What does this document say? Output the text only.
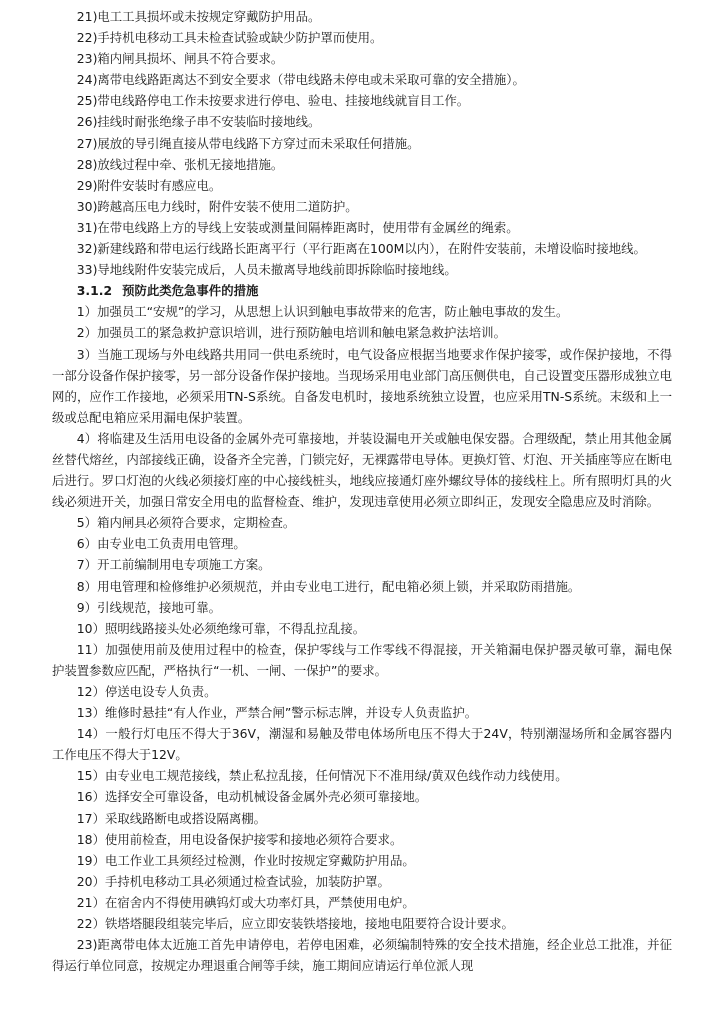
21)电工工具损坏或未按规定穿戴防护用品。

22)手持机电移动工具未检查试验或缺少防护罩而使用。

23)箱内闸具损坏、闸具不符合要求。

24)离带电线路距离达不到安全要求（带电线路未停电或未采取可靠的安全措施）。

25)带电线路停电工作未按要求进行停电、验电、挂接地线就盲目工作。

26)挂线时耐张绝缘子串不安装临时接地线。

27)展放的导引绳直接从带电线路下方穿过而未采取任何措施。

28)放线过程中牵、张机无接地措施。

29)附件安装时有感应电。

30)跨越高压电力线时，附件安装不使用二道防护。

31)在带电线路上方的导线上安装或测量间隔棒距离时，使用带有金属丝的绳索。

32)新建线路和带电运行线路长距离平行（平行距离在100M以内），在附件安装前，未增设临时接地线。

33)导地线附件安装完成后，人员未撤离导地线前即拆除临时接地线。

3.1.2 预防此类危急事件的措施

1）加强员工“安规”的学习，从思想上认识到触电事故带来的危害，防止触电事故的发生。

2）加强员工的紧急救护意识培训，进行预防触电培训和触电紧急救护法培训。

3）当施工现场与外电线路共用同一供电系统时，电气设备应根据当地要求作保护接零，或作保护接地，不得一部分设备作保护接零，另一部分设备作保护接地。当现场采用电业部门高压侧供电，自己设置变压器形成独立电网的，应作工作接地，必须采用TN-S系统。自备发电机时，接地系统独立设置，也应采用TN-S系统。末级和上一级或总配电箱应采用漏电保护装置。

4）将临建及生活用电设备的金属外壳可靠接地，并装设漏电开关或触电保安器。合理级配，禁止用其他金属丝替代熔丝，内部接线正确，设备齐全完善，门锁完好，无裸露带电导体。更换灯管、灯泡、开关插座等应在断电后进行。罗口灯泡的火线必须接灯座的中心接线桩头，地线应接通灯座外螺纹导体的接线柱上。所有照明灯具的火线必须进开关，加强日常安全用电的监督检查、维护，发现违章使用必须立即纠正，发现安全隐患应及时消除。

5）箱内闸具必须符合要求，定期检查。

6）由专业电工负责用电管理。

7）开工前编制用电专项施工方案。

8）用电管理和检修维护必须规范，并由专业电工进行，配电箱必须上锁，并采取防雨措施。

9）引线规范，接地可靠。

10）照明线路接头处必须绝缘可靠，不得乱拉乱接。

11）加强使用前及使用过程中的检查，保护零线与工作零线不得混接，开关箱漏电保护器灵敏可靠，漏电保护装置参数应匹配，严格执行“一机、一闸、一保护”的要求。

12）停送电设专人负责。

13）维修时悬挂“有人作业，严禁合闸”警示标志牌，并设专人负责监护。

14）一般行灯电压不得大于36V，潮湿和易触及带电体场所电压不得大于24V，特别潮湿场所和金属容器内工作电压不得大于12V。

15）由专业电工规范接线，禁止私拉乱接，任何情况下不准用绿/黄双色线作动力线使用。

16）选择安全可靠设备，电动机械设备金属外壳必须可靠接地。

17）采取线路断电或搭设隔离棚。

18）使用前检查，用电设备保护接零和接地必须符合要求。

19）电工作业工具须经过检测，作业时按规定穿戴防护用品。

20）手持机电移动工具必须通过检查试验，加装防护罩。

21）在宿舍内不得使用碘钨灯或大功率灯具，严禁使用电炉。

22）铁塔塔腿段组装完毕后，应立即安装铁塔接地，接地电阻要符合设计要求。

23)距离带电体太近施工首先申请停电，若停电困难，必须编制特殊的安全技术措施，经企业总工批准，并征得运行单位同意，按规定办理退重合闸等手续，施工期间应请运行单位派人现
